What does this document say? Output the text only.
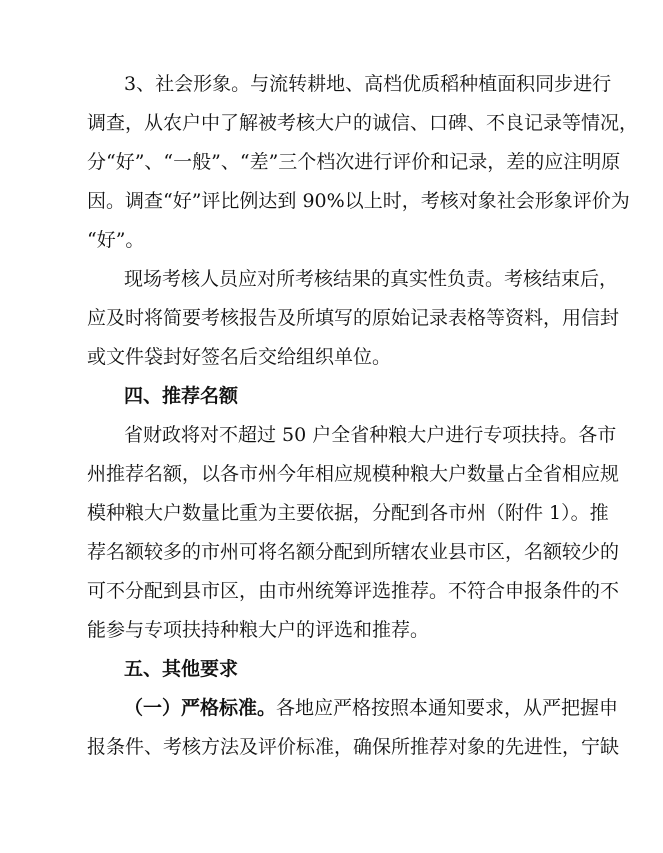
3、社会形象。与流转耕地、高档优质稻种植面积同步进行
调查，从农户中了解被考核大户的诚信、口碑、不良记录等情况，
分“好”、“一般”、“差”三个档次进行评价和记录，差的应注明原
因。调查“好”评比例达到 90%以上时，考核对象社会形象评价为
“好”。
现场考核人员应对所考核结果的真实性负责。考核结束后，
应及时将简要考核报告及所填写的原始记录表格等资料，用信封
或文件袋封好签名后交给组织单位。
四、推荐名额
省财政将对不超过 50 户全省种粮大户进行专项扶持。各市
州推荐名额，以各市州今年相应规模种粮大户数量占全省相应规
模种粮大户数量比重为主要依据，分配到各市州（附件 1）。推
荐名额较多的市州可将名额分配到所辖农业县市区，名额较少的
可不分配到县市区，由市州统筹评选推荐。不符合申报条件的不
能参与专项扶持种粮大户的评选和推荐。
五、其他要求
（一）严格标准。各地应严格按照本通知要求，从严把握申
报条件、考核方法及评价标准，确保所推荐对象的先进性，宁缺
